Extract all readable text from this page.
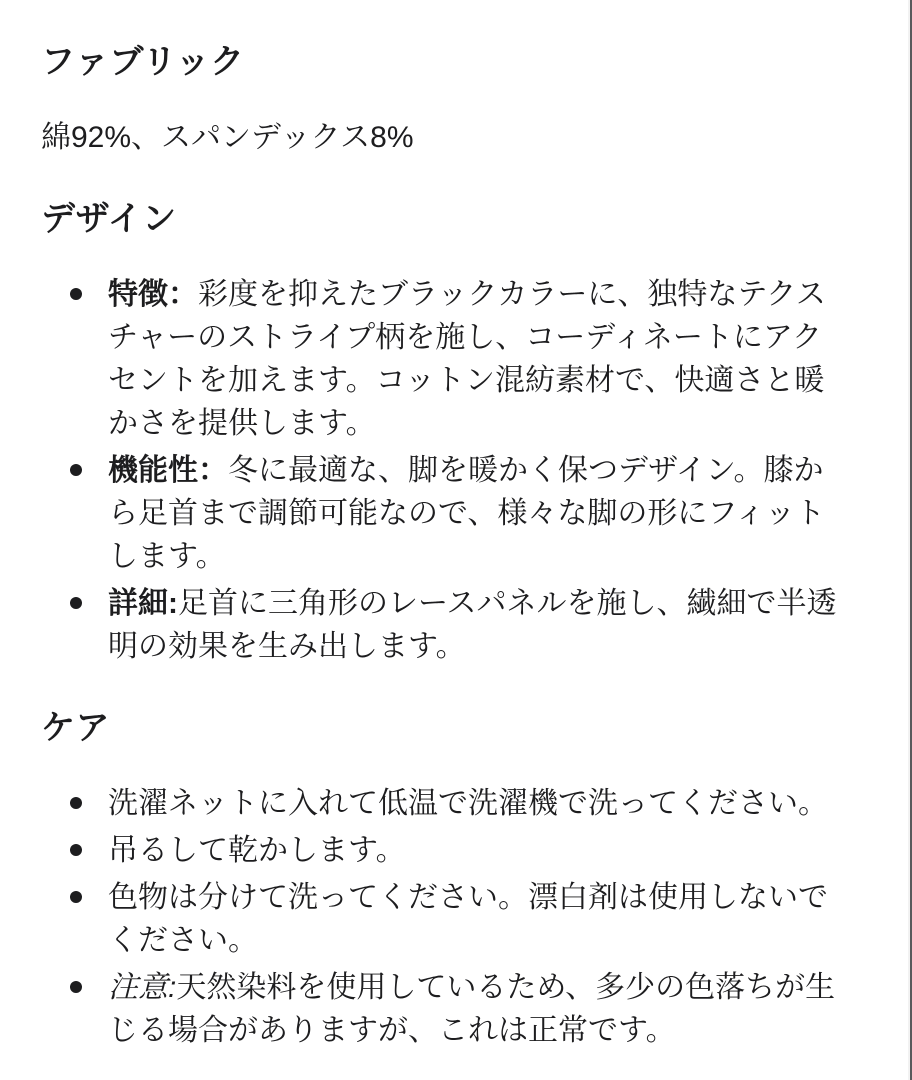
ファブリック

綿92%、スパンデックス8%

デザイン
特徴：彩度を抑えたブラックカラーに、独特なテクスチャーのストライプ柄を施し、コーディネートにアクセントを加えます。コットン混紡素材で、快適さと暖かさを提供します。
機能性：冬に最適な、脚を暖かく保つデザイン。膝から足首まで調節可能なので、様々な脚の形にフィットします。
詳細:足首に三角形のレースパネルを施し、繊細で半透明の効果を生み出します。
ケア
洗濯ネットに入れて低温で洗濯機で洗ってください。
吊るして乾かします。
色物は分けて洗ってください。漂白剤は使用しないでください。
注意:天然染料を使用しているため、多少の色落ちが生じる場合がありますが、これは正常です。
